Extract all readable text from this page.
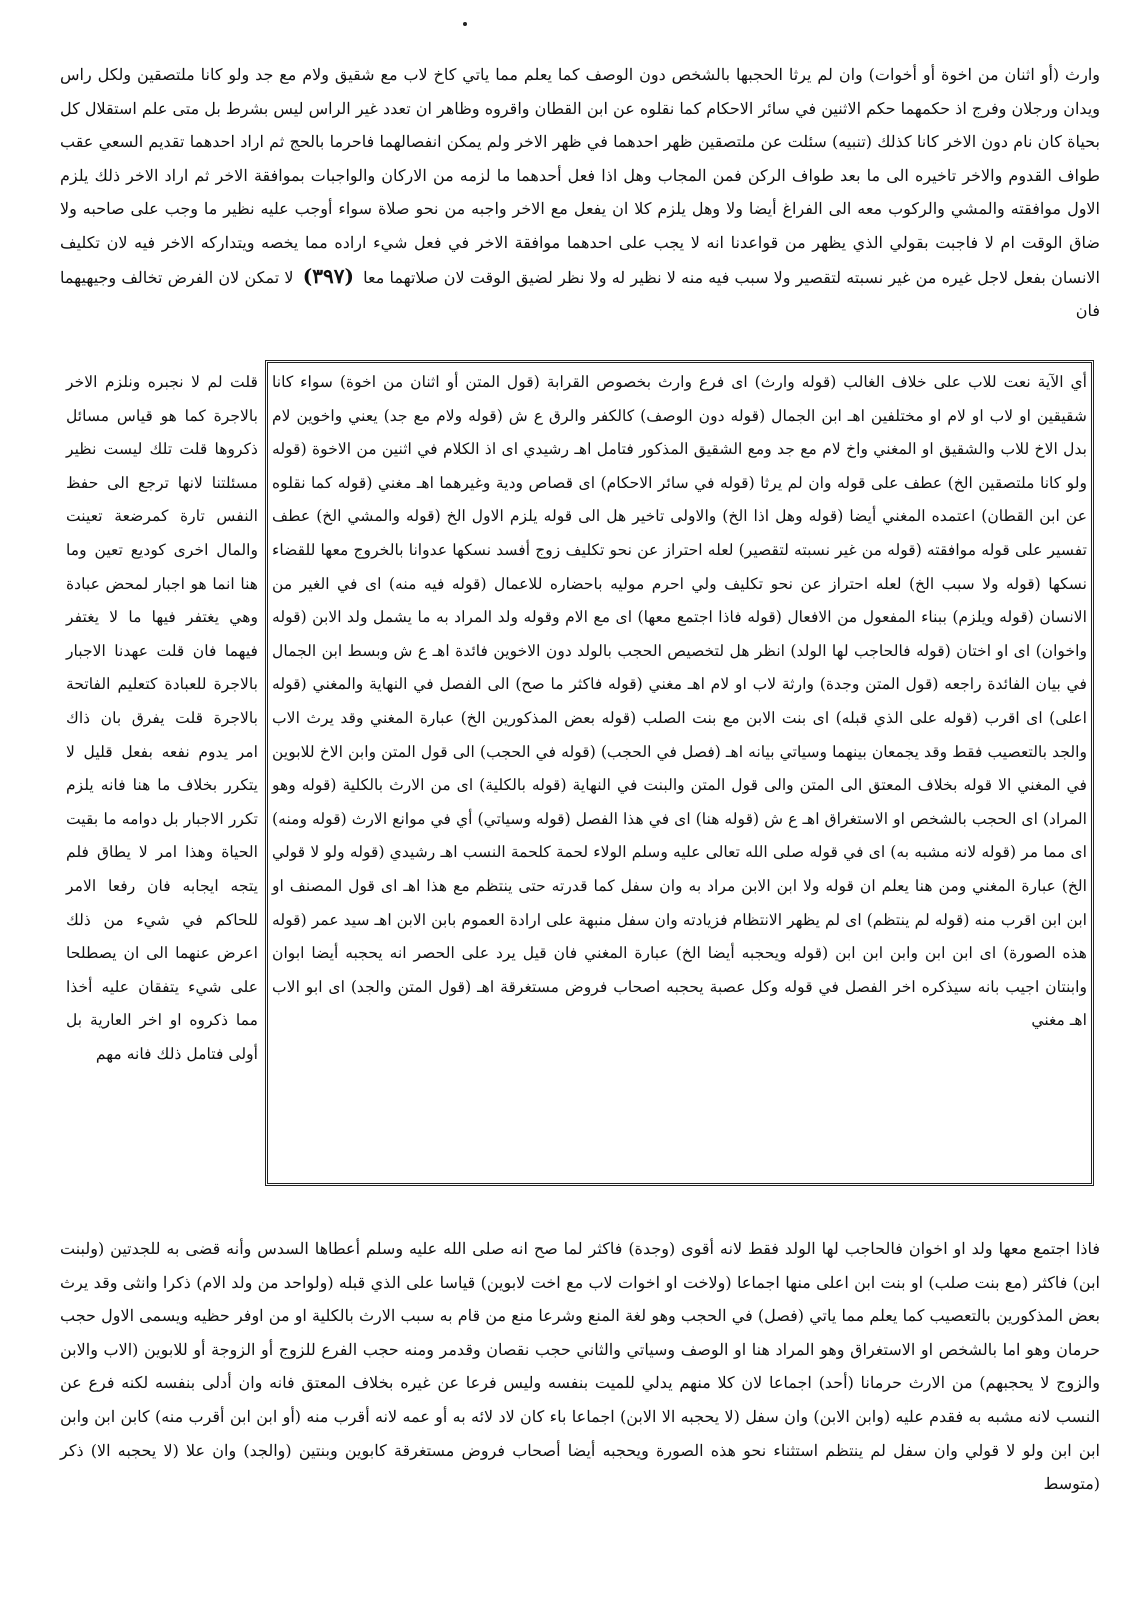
وارث (أو اثنان من اخوة أو أخوات) وان لم يرثا الحجبها بالشخص دون الوصف كما يعلم مما ياتي كاخ لاب مع شقيق ولام مع جد ولو كانا ملتصقين ولكل راس ويدان ورجلان وفرج اذ حكمهما حكم الاثنين في سائر الاحكام كما نقلوه عن ابن القطان واقروه وظاهر ان تعدد غير الراس ليس بشرط بل متى علم استقلال كل بحياة كان نام دون الاخر كانا كذلك (تنبيه) سئلت عن ملتصقين ظهر احدهما في ظهر الاخر ولم يمكن انفصالهما فاحرما بالحج ثم اراد احدهما تقديم السعي عقب طواف القدوم والاخر تاخيره الى ما بعد طواف الركن فمن المجاب وهل اذا فعل أحدهما ما لزمه من الاركان والواجبات بموافقة الاخر ثم اراد الاخر ذلك يلزم الاول موافقته والمشي والركوب معه الى الفراغ أيضا ولا وهل يلزم كلا ان يفعل مع الاخر واجبه من نحو صلاة سواء أوجب عليه نظير ما وجب على صاحبه ولا ضاق الوقت ام لا فاجبت بقولي الذي يظهر من قواعدنا انه لا يجب على احدهما موافقة الاخر في فعل شيء اراده مما يخصه ويتداركه الاخر فيه لان تكليف الانسان بفعل لاجل غيره من غير نسبته لتقصير ولا سبب فيه منه لا نظير له ولا نظر لضيق الوقت لان صلاتهما معا (٣٩٧) لا تمكن لان الفرض تخالف وجيهيهما فان

أي الآية نعت للاب على خلاف الغالب (قوله وارث) اى فرع وارث بخصوص القرابة (قول المتن أو اثنان من اخوة) سواء كانا شقيقين او لاب او لام او مختلفين اهـ ابن الجمال (قوله دون الوصف) كالكفر والرق ع ش (قوله ولام مع جد) يعني واخوين لام بدل الاخ للاب والشقيق او المغني واخ لام مع جد ومع الشقيق المذكور فتامل اهـ رشيدي اى اذ الكلام في اثنين من الاخوة (قوله ولو كانا ملتصقين الخ) عطف على قوله وان لم يرثا (قوله في سائر الاحكام) اى قصاص ودية وغيرهما اهـ مغني (قوله كما نقلوه عن ابن القطان) اعتمده المغني أيضا (قوله وهل اذا الخ) والاولى تاخير هل الى قوله يلزم الاول الخ (قوله والمشي الخ) عطف تفسير على قوله موافقته (قوله من غير نسبته لتقصير) لعله احتراز عن نحو تكليف زوج أفسد نسكها عدوانا بالخروج معها للقضاء نسكها (قوله ولا سبب الخ) لعله احتراز عن نحو تكليف ولي احرم موليه باحضاره للاعمال (قوله فيه منه) اى في الغير من الانسان (قوله ويلزم) ببناء المفعول من الافعال (قوله فاذا اجتمع معها) اى مع الام وقوله ولد المراد به ما يشمل ولد الابن (قوله واخوان) اى او اختان (قوله فالحاجب لها الولد) انظر هل لتخصيص الحجب بالولد دون الاخوين فائدة اهـ ع ش وبسط ابن الجمال في بيان الفائدة راجعه (قول المتن وجدة) وارثة لاب او لام اهـ مغني (قوله فاكثر ما صح) الى الفصل في النهاية والمغني (قوله اعلى) اى اقرب (قوله على الذي قبله) اى بنت الابن مع بنت الصلب (قوله بعض المذكورين الخ) عبارة المغني وقد يرث الاب والجد بالتعصيب فقط وقد يجمعان بينهما وسياتي بيانه اهـ (فصل في الحجب) (قوله في الحجب) الى قول المتن وابن الاخ للابوين في المغني الا قوله بخلاف المعتق الى المتن والى قول المتن والبنت في النهاية (قوله بالكلية) اى من الارث بالكلية (قوله وهو المراد) اى الحجب بالشخص او الاستغراق اهـ ع ش (قوله هنا) اى في هذا الفصل (قوله وسياتي) أي في موانع الارث (قوله ومنه) اى مما مر (قوله لانه مشبه به) اى في قوله صلى الله تعالى عليه وسلم الولاء لحمة كلحمة النسب اهـ رشيدي (قوله ولو لا قولي الخ) عبارة المغني ومن هنا يعلم ان قوله ولا ابن الابن مراد به وان سفل كما قدرته حتى ينتظم مع هذا اهـ اى قول المصنف او ابن ابن اقرب منه (قوله لم ينتظم) اى لم يظهر الانتظام فزيادته وان سفل منبهة على ارادة العموم بابن الابن اهـ سيد عمر (قوله هذه الصورة) اى ابن ابن وابن ابن ابن (قوله ويحجبه أيضا الخ) عبارة المغني فان قيل يرد على الحصر انه يحجبه أيضا ابوان وابنتان اجيب بانه سيذكره اخر الفصل في قوله وكل عصبة يحجبه اصحاب فروض مستغرقة اهـ (قول المتن والجد) اى ابو الاب اهـ مغني

قلت لم لا نجبره ونلزم الاخر بالاجرة كما هو قياس مسائل ذكروها قلت تلك ليست نظير مسئلتنا لانها ترجع الى حفظ النفس تارة كمرضعة تعينت والمال اخرى كوديع تعين وما هنا انما هو اجبار لمحض عبادة وهي يغتفر فيها ما لا يغتفر فيهما فان قلت عهدنا الاجبار بالاجرة للعبادة كتعليم الفاتحة بالاجرة قلت يفرق بان ذاك امر يدوم نفعه بفعل قليل لا يتكرر بخلاف ما هنا فانه يلزم تكرر الاجبار بل دوامه ما بقيت الحياة وهذا امر لا يطاق فلم يتجه ايجابه فان رفعا الامر للحاكم في شيء من ذلك اعرض عنهما الى ان يصطلحا على شيء يتفقان عليه أخذا مما ذكروه او اخر العارية بل أولى فتامل ذلك فانه مهم

فاذا اجتمع معها ولد او اخوان فالحاجب لها الولد فقط لانه أقوى (وجدة) فاكثر لما صح انه صلى الله عليه وسلم أعطاها السدس وأنه قضى به للجدتين (ولبنت ابن) فاكثر (مع بنت صلب) او بنت ابن اعلى منها اجماعا (ولاخت او اخوات لاب مع اخت لابوين) قياسا على الذي قبله (ولواحد من ولد الام) ذكرا وانثى وقد يرث بعض المذكورين بالتعصيب كما يعلم مما ياتي (فصل) في الحجب وهو لغة المنع وشرعا منع من قام به سبب الارث بالكلية او من اوفر حظيه ويسمى الاول حجب حرمان وهو اما بالشخص او الاستغراق وهو المراد هنا او الوصف وسياتي والثاني حجب نقصان وقدمر ومنه حجب الفرع للزوج أو الزوجة أو للابوين (الاب والابن والزوج لا يحجبهم) من الارث حرمانا (أحد) اجماعا لان كلا منهم يدلي للميت بنفسه وليس فرعا عن غيره بخلاف المعتق فانه وان أدلى بنفسه لكنه فرع عن النسب لانه مشبه به فقدم عليه (وابن الابن) وان سفل (لا يحجبه الا الابن) اجماعا باء كان لاد لائه به أو عمه لانه أقرب منه (أو ابن ابن أقرب منه) كابن ابن وابن ابن ابن ولو لا قولي وان سفل لم ينتظم استثناء نحو هذه الصورة ويحجبه أيضا أصحاب فروض مستغرقة كابوين وبنتين (والجد) وان علا (لا يحجبه الا) ذكر (متوسط
